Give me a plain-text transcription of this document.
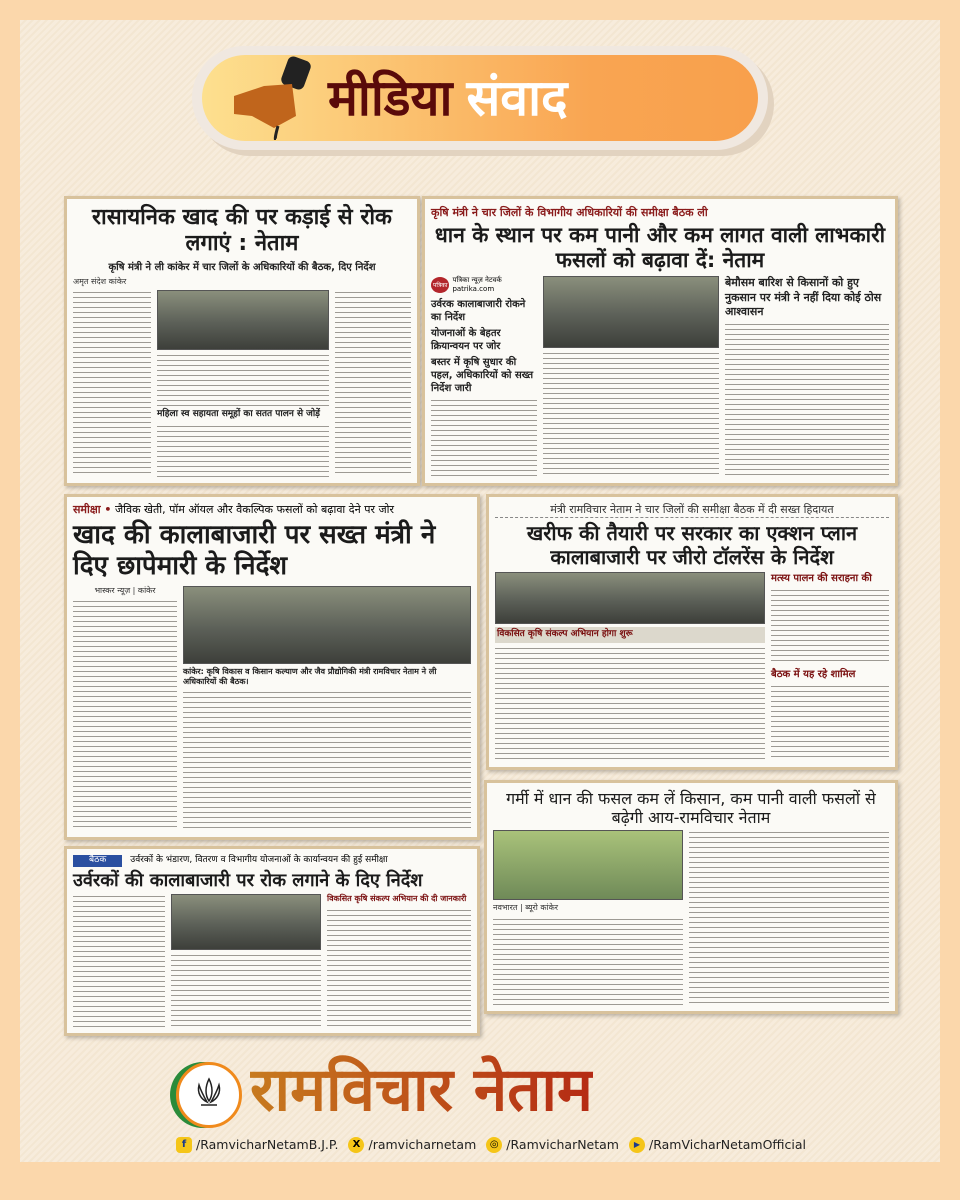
मीडिया संवाद
रासायनिक खाद की पर कड़ाई से रोक लगाएं : नेताम
कृषि मंत्री ने ली कांकेर में चार जिलों के अधिकारियों की बैठक, दिए निर्देश
अमृत संदेश कांकेर
महिला स्व सहायता समूहों का सतत पालन से जोड़ें
कृषि मंत्री ने चार जिलों के विभागीय अधिकारियों की समीक्षा बैठक ली
धान के स्थान पर कम पानी और कम लागत वाली लाभकारी फसलों को बढ़ावा दें: नेताम
पत्रिका
पत्रिका न्यूज़ नेटवर्क
patrika.com
उर्वरक कालाबाजारी रोकने का निर्देश
योजनाओं के बेहतर क्रियान्वयन पर जोर
बस्तर में कृषि सुधार की पहल, अधिकारियों को सख्त निर्देश जारी
बेमौसम बारिश से किसानों को हुए नुकसान पर मंत्री ने नहीं दिया कोई ठोस आश्वासन
समीक्षा • जैविक खेती, पॉम ऑयल और वैकल्पिक फसलों को बढ़ावा देने पर जोर
खाद की कालाबाजारी पर सख्त मंत्री ने दिए छापेमारी के निर्देश
भास्कर न्यूज़ | कांकेर
कांकेर: कृषि विकास व किसान कल्याण और जैव प्रौद्योगिकी मंत्री रामविचार नेताम ने ली अधिकारियों की बैठक।
मंत्री रामविचार नेताम ने चार जिलों की समीक्षा बैठक में दी सख्त हिदायत
खरीफ की तैयारी पर सरकार का एक्शन प्लान कालाबाजारी पर जीरो टॉलरेंस के निर्देश
विकसित कृषि संकल्प अभियान होगा शुरू
मत्स्य पालन की सराहना की
बैठक में यह रहे शामिल
बैठक	उर्वरकों के भंडारण, वितरण व विभागीय योजनाओं के कार्यान्वयन की हुई समीक्षा
उर्वरकों की कालाबाजारी पर रोक लगाने के दिए निर्देश
विकसित कृषि संकल्प अभियान की दी जानकारी
गर्मी में धान की फसल कम लें किसान, कम पानी वाली फसलों से बढ़ेगी आय-रामविचार नेताम
नवभारत | ब्यूरो कांकेर
रामविचार नेताम
f /RamvicharNetamB.J.P.	X /ramvicharnetam	◎ /RamvicharNetam	▶ /RamVicharNetamOfficial
